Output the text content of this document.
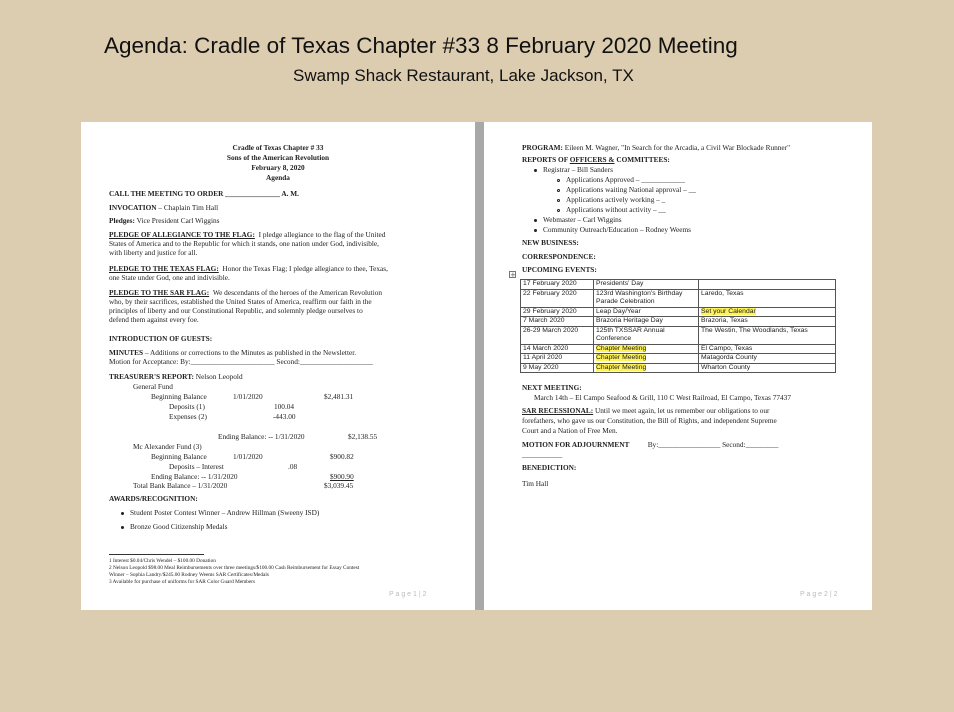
Agenda: Cradle of Texas Chapter #33 8 February 2020 Meeting
Swamp Shack Restaurant, Lake Jackson, TX
Cradle of Texas Chapter # 33
Sons of the American Revolution
February 8, 2020
Agenda
CALL THE MEETING TO ORDER _______________ A. M.
INVOCATION – Chaplain Tim Hall
Pledges: Vice President Carl Wiggins
PLEDGE OF ALLEGIANCE TO THE FLAG: I pledge allegiance to the flag of the United
States of America and to the Republic for which it stands, one nation under God, indivisible,
with liberty and justice for all.
PLEDGE TO THE TEXAS FLAG: Honor the Texas Flag; I pledge allegiance to thee, Texas,
one State under God, one and indivisible.
PLEDGE TO THE SAR FLAG: We descendants of the heroes of the American Revolution
who, by their sacrifices, established the United States of America, reaffirm our faith in the
principles of liberty and our Constitutional Republic, and solemnly pledge ourselves to
defend them against every foe.
INTRODUCTION OF GUESTS:
MINUTES – Additions or corrections to the Minutes as published in the Newsletter.
Motion for Acceptance: By:_______________________ Second:____________________
TREASURER'S REPORT: Nelson Leopold
General Fund
Beginning Balance	1/01/2020	$2,481.31
Deposits (1)	100.04
Expenses (2)	-443.00
Ending Balance: -- 1/31/2020	$2,138.55
Mc Alexander Fund (3)
Beginning Balance	1/01/2020	$900.82
Deposits – Interest	.08
Ending Balance: -- 1/31/2020	$900.90
Total Bank Balance – 1/31/2020	$3,039.45
AWARDS/RECOGNITION:
Student Poster Contest Winner – Andrew Hillman (Sweeny ISD)
Bronze Good Citizenship Medals
1 Interest $0.04/Chris Wendel – $100.00 Donation
2 Nelson Leopold $98.00 Meal Reimbursements over three meetings/$100.00 Cash Reimbursement for Essay Contest
Winner – Sophia Landry/$245.00 Rodney Weems SAR Certificates/Medals
3 Available for purchase of uniforms for SAR Color Guard Members
P a g e 1 | 2
PROGRAM: Eileen M. Wagner, "In Search for the Arcadia, a Civil War Blockade Runner"
REPORTS OF OFFICERS & COMMITTEES:
Registrar – Bill Sanders
Applications Approved – ____________
Applications waiting National approval – __
Applications actively working – _
Applications without activity – __
Webmaster – Carl Wiggins
Community Outreach/Education – Rodney Weems
NEW BUSINESS:
CORRESPONDENCE:
UPCOMING EVENTS:
+
17 February 2020	Presidents' Day	
22 February 2020	123rd Washington's Birthday Parade Celebration	Laredo, Texas
29 February 2020	Leap Day/Year	Set your Calendar
7 March 2020	Brazoria Heritage Day	Brazoria, Texas
26-29 March 2020	125th TXSSAR Annual Conference	The Westin, The Woodlands, Texas
14 March 2020	Chapter Meeting	El Campo, Texas
11 April 2020	Chapter Meeting	Matagorda County
9 May 2020	Chapter Meeting	Wharton County
NEXT MEETING:
March 14th – El Campo Seafood & Grill, 110 C West Railroad, El Campo, Texas 77437
SAR RECESSIONAL: Until we meet again, let us remember our obligations to our
forefathers, who gave us our Constitution, the Bill of Rights, and independent Supreme
Court and a Nation of Free Men.
MOTION FOR ADJOURNMENT	By:_________________ Second:_________
___________
BENEDICTION:
Tim Hall
P a g e 2 | 2
